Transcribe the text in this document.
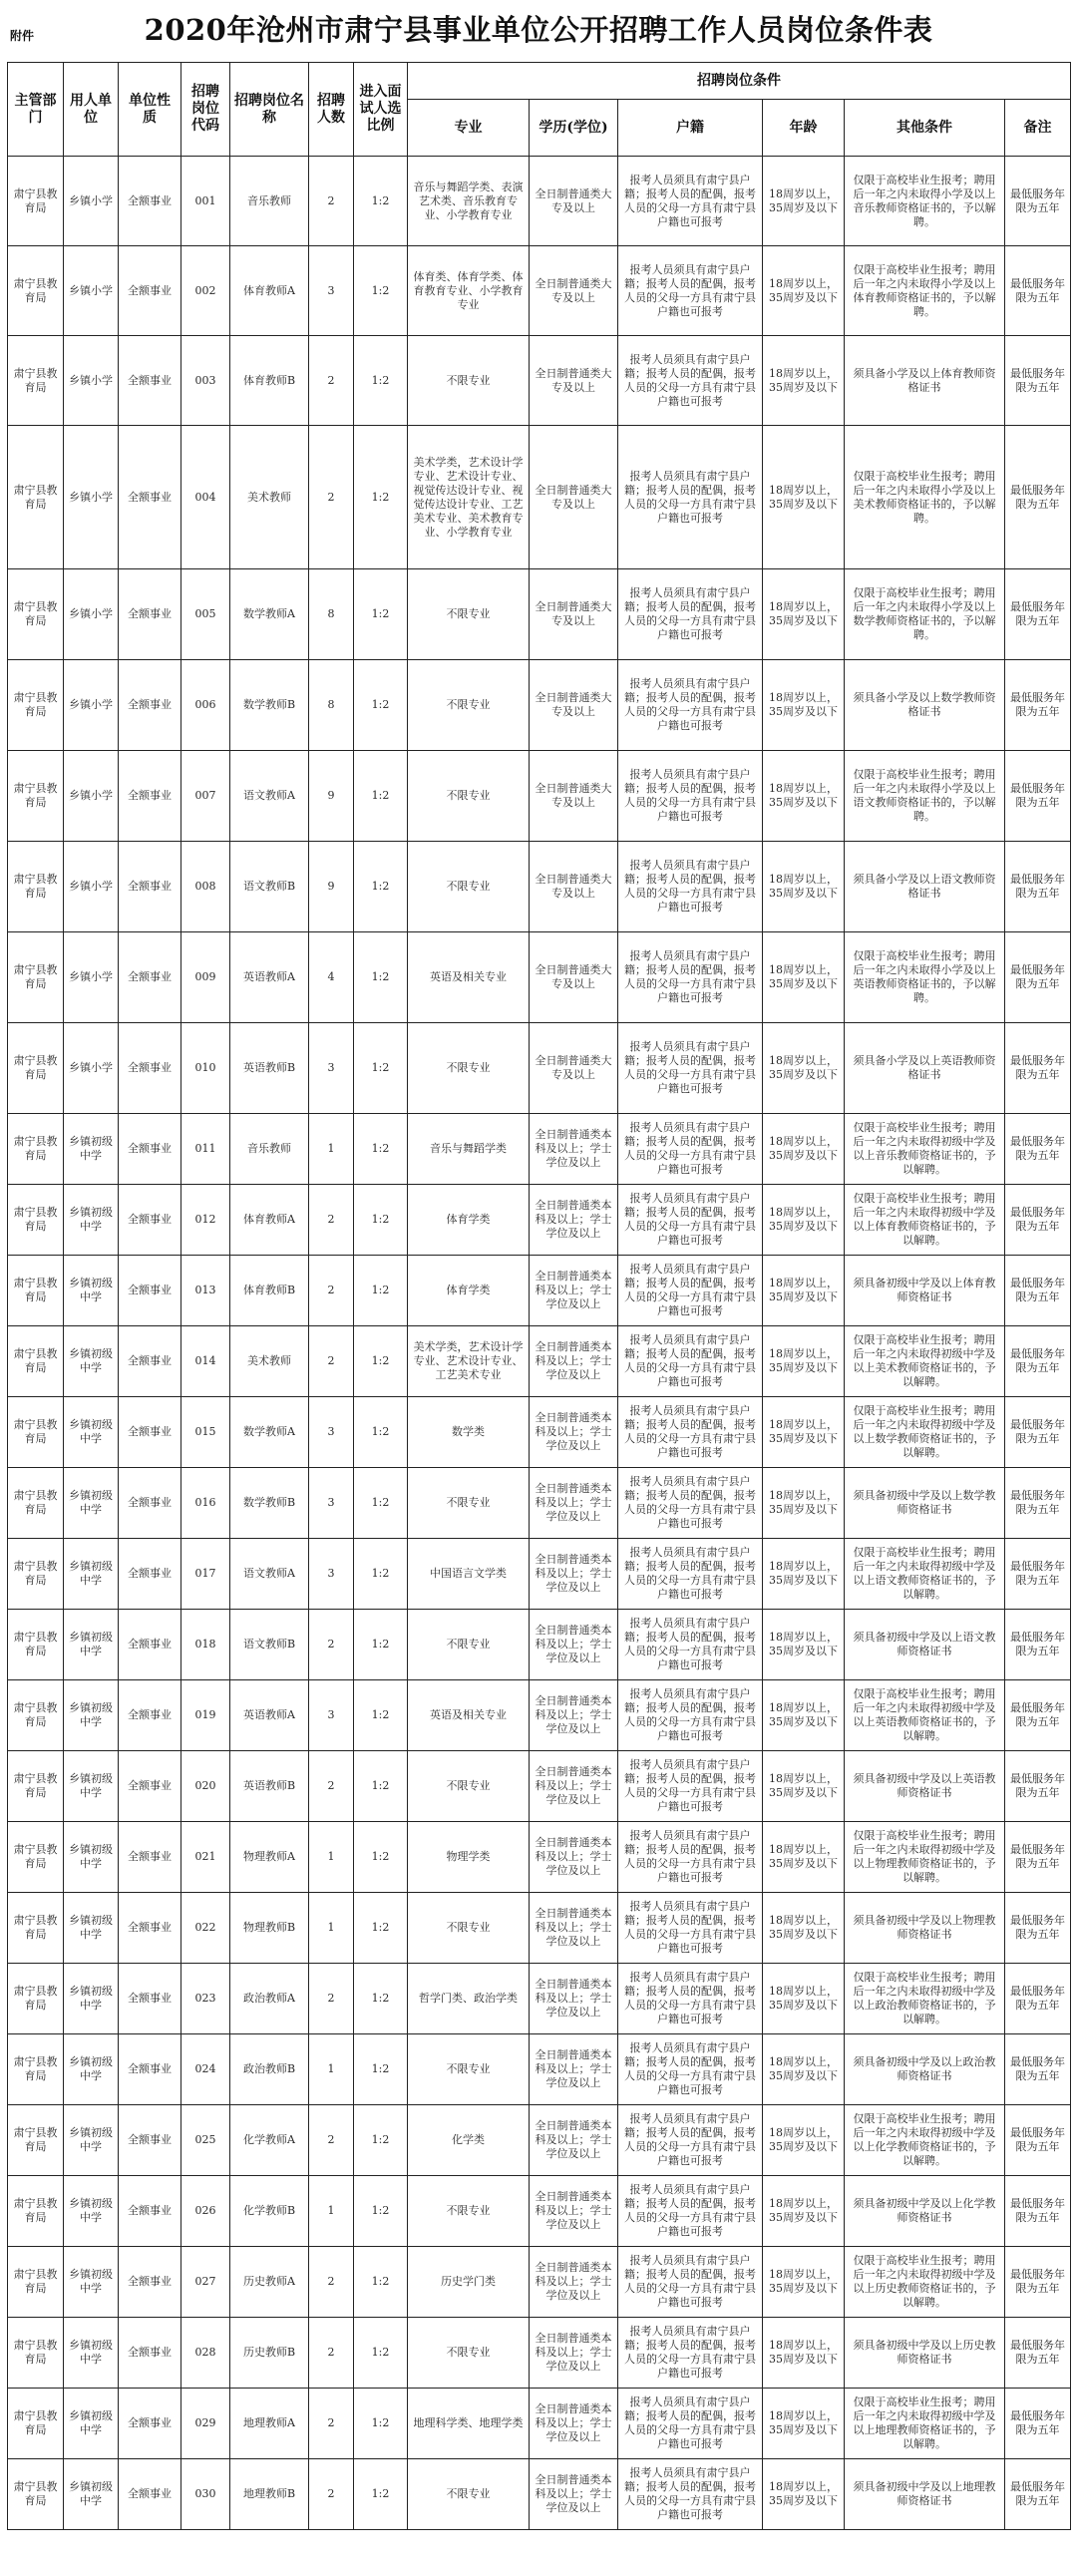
附件	2020年沧州市肃宁县事业单位公开招聘工作人员岗位条件表
主管部门	用人单位	单位性质	招聘岗位代码	招聘岗位名称	招聘人数	进入面试人选比例	招聘岗位条件					
							专业	学历(学位)	户籍	年龄	其他条件	备注
肃宁县教育局	乡镇小学	全额事业	001	音乐教师	2	1:2	音乐与舞蹈学类、表演艺术类、音乐教育专业、小学教育专业	全日制普通类大专及以上	报考人员须具有肃宁县户籍；报考人员的配偶，报考人员的父母一方具有肃宁县户籍也可报考	18周岁以上，35周岁及以下	仅限于高校毕业生报考；聘用后一年之内未取得小学及以上音乐教师资格证书的，予以解聘。	最低服务年限为五年
肃宁县教育局	乡镇小学	全额事业	002	体育教师A	3	1:2	体育类、体育学类、体育教育专业、小学教育专业	全日制普通类大专及以上	报考人员须具有肃宁县户籍；报考人员的配偶，报考人员的父母一方具有肃宁县户籍也可报考	18周岁以上，35周岁及以下	仅限于高校毕业生报考；聘用后一年之内未取得小学及以上体育教师资格证书的，予以解聘。	最低服务年限为五年
肃宁县教育局	乡镇小学	全额事业	003	体育教师B	2	1:2	不限专业	全日制普通类大专及以上	报考人员须具有肃宁县户籍；报考人员的配偶，报考人员的父母一方具有肃宁县户籍也可报考	18周岁以上，35周岁及以下	须具备小学及以上体育教师资格证书	最低服务年限为五年
肃宁县教育局	乡镇小学	全额事业	004	美术教师	2	1:2	美术学类，艺术设计学专业、艺术设计专业、视觉传达设计专业、视觉传达设计专业、工艺美术专业、美术教育专业、小学教育专业	全日制普通类大专及以上	报考人员须具有肃宁县户籍；报考人员的配偶，报考人员的父母一方具有肃宁县户籍也可报考	18周岁以上，35周岁及以下	仅限于高校毕业生报考；聘用后一年之内未取得小学及以上美术教师资格证书的，予以解聘。	最低服务年限为五年
肃宁县教育局	乡镇小学	全额事业	005	数学教师A	8	1:2	不限专业	全日制普通类大专及以上	报考人员须具有肃宁县户籍；报考人员的配偶，报考人员的父母一方具有肃宁县户籍也可报考	18周岁以上，35周岁及以下	仅限于高校毕业生报考；聘用后一年之内未取得小学及以上数学教师资格证书的，予以解聘。	最低服务年限为五年
肃宁县教育局	乡镇小学	全额事业	006	数学教师B	8	1:2	不限专业	全日制普通类大专及以上	报考人员须具有肃宁县户籍；报考人员的配偶，报考人员的父母一方具有肃宁县户籍也可报考	18周岁以上，35周岁及以下	须具备小学及以上数学教师资格证书	最低服务年限为五年
肃宁县教育局	乡镇小学	全额事业	007	语文教师A	9	1:2	不限专业	全日制普通类大专及以上	报考人员须具有肃宁县户籍；报考人员的配偶，报考人员的父母一方具有肃宁县户籍也可报考	18周岁以上，35周岁及以下	仅限于高校毕业生报考；聘用后一年之内未取得小学及以上语文教师资格证书的，予以解聘。	最低服务年限为五年
肃宁县教育局	乡镇小学	全额事业	008	语文教师B	9	1:2	不限专业	全日制普通类大专及以上	报考人员须具有肃宁县户籍；报考人员的配偶，报考人员的父母一方具有肃宁县户籍也可报考	18周岁以上，35周岁及以下	须具备小学及以上语文教师资格证书	最低服务年限为五年
肃宁县教育局	乡镇小学	全额事业	009	英语教师A	4	1:2	英语及相关专业	全日制普通类大专及以上	报考人员须具有肃宁县户籍；报考人员的配偶，报考人员的父母一方具有肃宁县户籍也可报考	18周岁以上，35周岁及以下	仅限于高校毕业生报考；聘用后一年之内未取得小学及以上英语教师资格证书的，予以解聘。	最低服务年限为五年
肃宁县教育局	乡镇小学	全额事业	010	英语教师B	3	1:2	不限专业	全日制普通类大专及以上	报考人员须具有肃宁县户籍；报考人员的配偶，报考人员的父母一方具有肃宁县户籍也可报考	18周岁以上，35周岁及以下	须具备小学及以上英语教师资格证书	最低服务年限为五年
肃宁县教育局	乡镇初级中学	全额事业	011	音乐教师	1	1:2	音乐与舞蹈学类	全日制普通类本科及以上；学士学位及以上	报考人员须具有肃宁县户籍；报考人员的配偶，报考人员的父母一方具有肃宁县户籍也可报考	18周岁以上，35周岁及以下	仅限于高校毕业生报考；聘用后一年之内未取得初级中学及以上音乐教师资格证书的，予以解聘。	最低服务年限为五年
肃宁县教育局	乡镇初级中学	全额事业	012	体育教师A	2	1:2	体育学类	全日制普通类本科及以上；学士学位及以上	报考人员须具有肃宁县户籍；报考人员的配偶，报考人员的父母一方具有肃宁县户籍也可报考	18周岁以上，35周岁及以下	仅限于高校毕业生报考；聘用后一年之内未取得初级中学及以上体育教师资格证书的，予以解聘。	最低服务年限为五年
肃宁县教育局	乡镇初级中学	全额事业	013	体育教师B	2	1:2	体育学类	全日制普通类本科及以上；学士学位及以上	报考人员须具有肃宁县户籍；报考人员的配偶，报考人员的父母一方具有肃宁县户籍也可报考	18周岁以上，35周岁及以下	须具备初级中学及以上体育教师资格证书	最低服务年限为五年
肃宁县教育局	乡镇初级中学	全额事业	014	美术教师	2	1:2	美术学类，艺术设计学专业、艺术设计专业、工艺美术专业	全日制普通类本科及以上；学士学位及以上	报考人员须具有肃宁县户籍；报考人员的配偶，报考人员的父母一方具有肃宁县户籍也可报考	18周岁以上，35周岁及以下	仅限于高校毕业生报考；聘用后一年之内未取得初级中学及以上美术教师资格证书的，予以解聘。	最低服务年限为五年
肃宁县教育局	乡镇初级中学	全额事业	015	数学教师A	3	1:2	数学类	全日制普通类本科及以上；学士学位及以上	报考人员须具有肃宁县户籍；报考人员的配偶，报考人员的父母一方具有肃宁县户籍也可报考	18周岁以上，35周岁及以下	仅限于高校毕业生报考；聘用后一年之内未取得初级中学及以上数学教师资格证书的，予以解聘。	最低服务年限为五年
肃宁县教育局	乡镇初级中学	全额事业	016	数学教师B	3	1:2	不限专业	全日制普通类本科及以上；学士学位及以上	报考人员须具有肃宁县户籍；报考人员的配偶，报考人员的父母一方具有肃宁县户籍也可报考	18周岁以上，35周岁及以下	须具备初级中学及以上数学教师资格证书	最低服务年限为五年
肃宁县教育局	乡镇初级中学	全额事业	017	语文教师A	3	1:2	中国语言文学类	全日制普通类本科及以上；学士学位及以上	报考人员须具有肃宁县户籍；报考人员的配偶，报考人员的父母一方具有肃宁县户籍也可报考	18周岁以上，35周岁及以下	仅限于高校毕业生报考；聘用后一年之内未取得初级中学及以上语文教师资格证书的，予以解聘。	最低服务年限为五年
肃宁县教育局	乡镇初级中学	全额事业	018	语文教师B	2	1:2	不限专业	全日制普通类本科及以上；学士学位及以上	报考人员须具有肃宁县户籍；报考人员的配偶，报考人员的父母一方具有肃宁县户籍也可报考	18周岁以上，35周岁及以下	须具备初级中学及以上语文教师资格证书	最低服务年限为五年
肃宁县教育局	乡镇初级中学	全额事业	019	英语教师A	3	1:2	英语及相关专业	全日制普通类本科及以上；学士学位及以上	报考人员须具有肃宁县户籍；报考人员的配偶，报考人员的父母一方具有肃宁县户籍也可报考	18周岁以上，35周岁及以下	仅限于高校毕业生报考；聘用后一年之内未取得初级中学及以上英语教师资格证书的，予以解聘。	最低服务年限为五年
肃宁县教育局	乡镇初级中学	全额事业	020	英语教师B	2	1:2	不限专业	全日制普通类本科及以上；学士学位及以上	报考人员须具有肃宁县户籍；报考人员的配偶，报考人员的父母一方具有肃宁县户籍也可报考	18周岁以上，35周岁及以下	须具备初级中学及以上英语教师资格证书	最低服务年限为五年
肃宁县教育局	乡镇初级中学	全额事业	021	物理教师A	1	1:2	物理学类	全日制普通类本科及以上；学士学位及以上	报考人员须具有肃宁县户籍；报考人员的配偶，报考人员的父母一方具有肃宁县户籍也可报考	18周岁以上，35周岁及以下	仅限于高校毕业生报考；聘用后一年之内未取得初级中学及以上物理教师资格证书的，予以解聘。	最低服务年限为五年
肃宁县教育局	乡镇初级中学	全额事业	022	物理教师B	1	1:2	不限专业	全日制普通类本科及以上；学士学位及以上	报考人员须具有肃宁县户籍；报考人员的配偶，报考人员的父母一方具有肃宁县户籍也可报考	18周岁以上，35周岁及以下	须具备初级中学及以上物理教师资格证书	最低服务年限为五年
肃宁县教育局	乡镇初级中学	全额事业	023	政治教师A	2	1:2	哲学门类、政治学类	全日制普通类本科及以上；学士学位及以上	报考人员须具有肃宁县户籍；报考人员的配偶，报考人员的父母一方具有肃宁县户籍也可报考	18周岁以上，35周岁及以下	仅限于高校毕业生报考；聘用后一年之内未取得初级中学及以上政治教师资格证书的，予以解聘。	最低服务年限为五年
肃宁县教育局	乡镇初级中学	全额事业	024	政治教师B	1	1:2	不限专业	全日制普通类本科及以上；学士学位及以上	报考人员须具有肃宁县户籍；报考人员的配偶，报考人员的父母一方具有肃宁县户籍也可报考	18周岁以上，35周岁及以下	须具备初级中学及以上政治教师资格证书	最低服务年限为五年
肃宁县教育局	乡镇初级中学	全额事业	025	化学教师A	2	1:2	化学类	全日制普通类本科及以上；学士学位及以上	报考人员须具有肃宁县户籍；报考人员的配偶，报考人员的父母一方具有肃宁县户籍也可报考	18周岁以上，35周岁及以下	仅限于高校毕业生报考；聘用后一年之内未取得初级中学及以上化学教师资格证书的，予以解聘。	最低服务年限为五年
肃宁县教育局	乡镇初级中学	全额事业	026	化学教师B	1	1:2	不限专业	全日制普通类本科及以上；学士学位及以上	报考人员须具有肃宁县户籍；报考人员的配偶，报考人员的父母一方具有肃宁县户籍也可报考	18周岁以上，35周岁及以下	须具备初级中学及以上化学教师资格证书	最低服务年限为五年
肃宁县教育局	乡镇初级中学	全额事业	027	历史教师A	2	1:2	历史学门类	全日制普通类本科及以上；学士学位及以上	报考人员须具有肃宁县户籍；报考人员的配偶，报考人员的父母一方具有肃宁县户籍也可报考	18周岁以上，35周岁及以下	仅限于高校毕业生报考；聘用后一年之内未取得初级中学及以上历史教师资格证书的，予以解聘。	最低服务年限为五年
肃宁县教育局	乡镇初级中学	全额事业	028	历史教师B	2	1:2	不限专业	全日制普通类本科及以上；学士学位及以上	报考人员须具有肃宁县户籍；报考人员的配偶，报考人员的父母一方具有肃宁县户籍也可报考	18周岁以上，35周岁及以下	须具备初级中学及以上历史教师资格证书	最低服务年限为五年
肃宁县教育局	乡镇初级中学	全额事业	029	地理教师A	2	1:2	地理科学类、地理学类	全日制普通类本科及以上；学士学位及以上	报考人员须具有肃宁县户籍；报考人员的配偶，报考人员的父母一方具有肃宁县户籍也可报考	18周岁以上，35周岁及以下	仅限于高校毕业生报考；聘用后一年之内未取得初级中学及以上地理教师资格证书的，予以解聘。	最低服务年限为五年
肃宁县教育局	乡镇初级中学	全额事业	030	地理教师B	2	1:2	不限专业	全日制普通类本科及以上；学士学位及以上	报考人员须具有肃宁县户籍；报考人员的配偶，报考人员的父母一方具有肃宁县户籍也可报考	18周岁以上，35周岁及以下	须具备初级中学及以上地理教师资格证书	最低服务年限为五年
